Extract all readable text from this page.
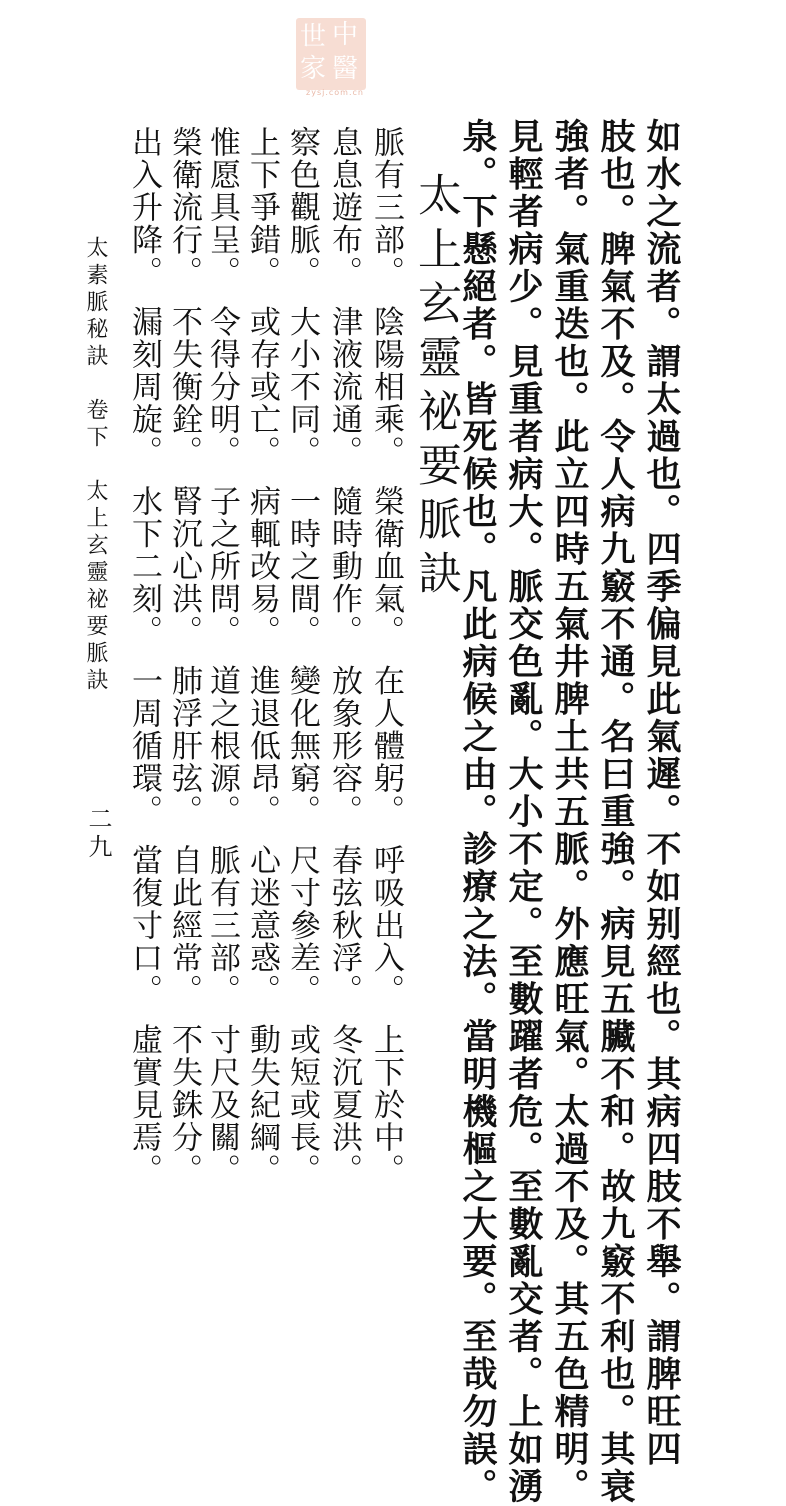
中
醫
世
家
zysj.com.cn
如水之流者。謂太過也。四季偏見此氣遲。不如别經也。其病四肢不舉。謂脾旺四
肢也。脾氣不及。令人病九竅不通。名曰重強。病見五臟不和。故九竅不利也。其衰
強者。氣重迭也。此立四時五氣井脾土共五脈。外應旺氣。太過不及。其五色精明。
見輕者病少。見重者病大。脈交色亂。大小不定。至數躍者危。至數亂交者。上如湧
泉。下懸絕者。皆死候也。凡此病候之由。診療之法。當明機樞之大要。至哉勿誤。
太上玄靈祕要脈訣
脈有三部。　陰陽相乘。　榮衛血氣。　在人體躬。　呼吸出入。　上下於中。
息息遊布。　津液流通。　隨時動作。　放象形容。　春弦秋浮。　冬沉夏洪。
察色觀脈。　大小不同。　一時之間。　變化無窮。　尺寸參差。　或短或長。
上下爭錯。　或存或亡。　病輒改易。　進退低昂。　心迷意惑。　動失紀綱。
惟愿具呈。　令得分明。　子之所問。　道之根源。　脈有三部。　寸尺及關。
榮衛流行。　不失衡銓。　腎沉心洪。　肺浮肝弦。　自此經常。　不失銖分。
出入升降。　漏刻周旋。　水下二刻。　一周循環。　當復寸口。　虛實見焉。
太素脈秘訣　卷下　太上玄靈祕要脈訣
二九
